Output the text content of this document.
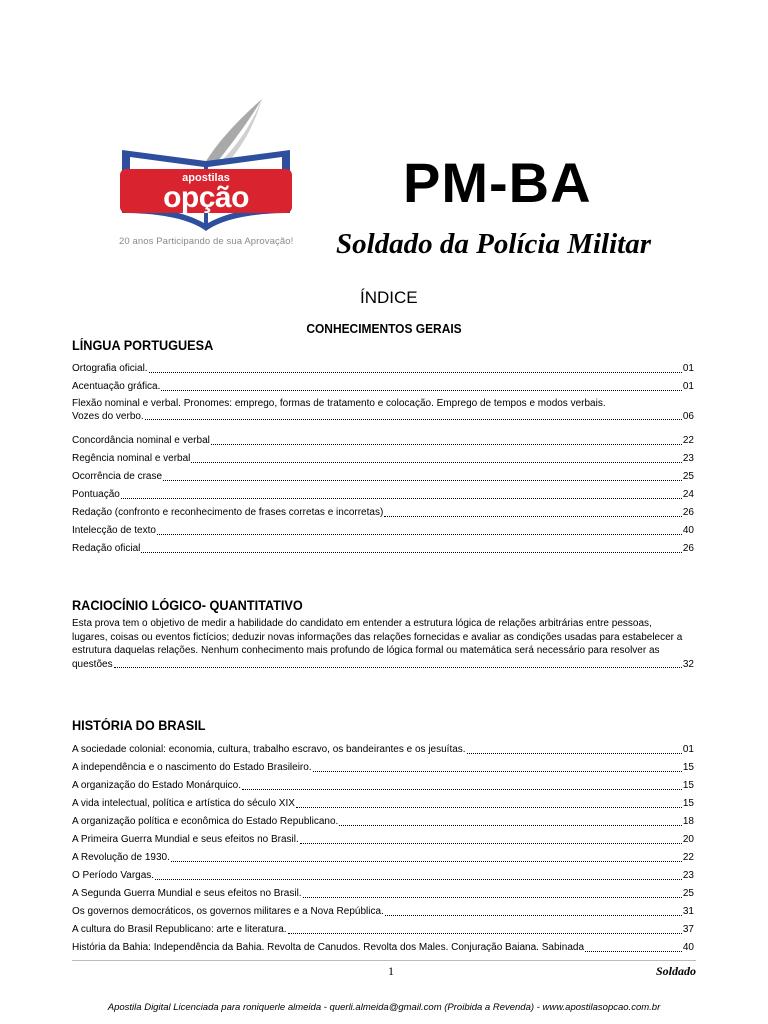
apostilas
opção
20 anos Participando de sua Aprovação!
PM-BA
Soldado da Polícia Militar
ÍNDICE
CONHECIMENTOS GERAIS
LÍNGUA PORTUGUESA
Ortografia oficial.	01
Acentuação gráfica.	01
Flexão nominal e verbal. Pronomes: emprego, formas de tratamento e colocação. Emprego de tempos e modos verbais.
Vozes do verbo.	06
Concordância nominal e verbal	22
Regência nominal e verbal	23
Ocorrência de crase	25
Pontuação	24
Redação (confronto e reconhecimento de frases corretas e incorretas)	26
Intelecção de texto	40
Redação oficial	26
RACIOCÍNIO LÓGICO- QUANTITATIVO
Esta prova tem o objetivo de medir a habilidade do candidato em entender a estrutura lógica de relações arbitrárias entre pessoas,
lugares, coisas ou eventos fictícios; deduzir novas informações das relações fornecidas e avaliar as condições usadas para estabelecer a
estrutura daquelas relações. Nenhum conhecimento mais profundo de lógica formal ou matemática será necessário para resolver as
questões	32
HISTÓRIA DO BRASIL
A sociedade colonial: economia, cultura, trabalho escravo, os bandeirantes e os jesuítas.	01
A independência e o nascimento do Estado Brasileiro.	15
A organização do Estado Monárquico.	15
A vida intelectual, política e artística do século XIX	15
A organização política e econômica do Estado Republicano.	18
A Primeira Guerra Mundial e seus efeitos no Brasil.	20
A Revolução de 1930.	22
O Período Vargas.	23
A Segunda Guerra Mundial e seus efeitos no Brasil.	25
Os governos democráticos, os governos militares e a Nova República.	31
A cultura do Brasil Republicano: arte e literatura.	37
História da Bahia: Independência da Bahia. Revolta de Canudos. Revolta dos Males. Conjuração Baiana. Sabinada	40
1	Soldado
Apostila Digital Licenciada para roniquerle almeida - querli.almeida@gmail.com (Proibida a Revenda) - www.apostilasopcao.com.br
